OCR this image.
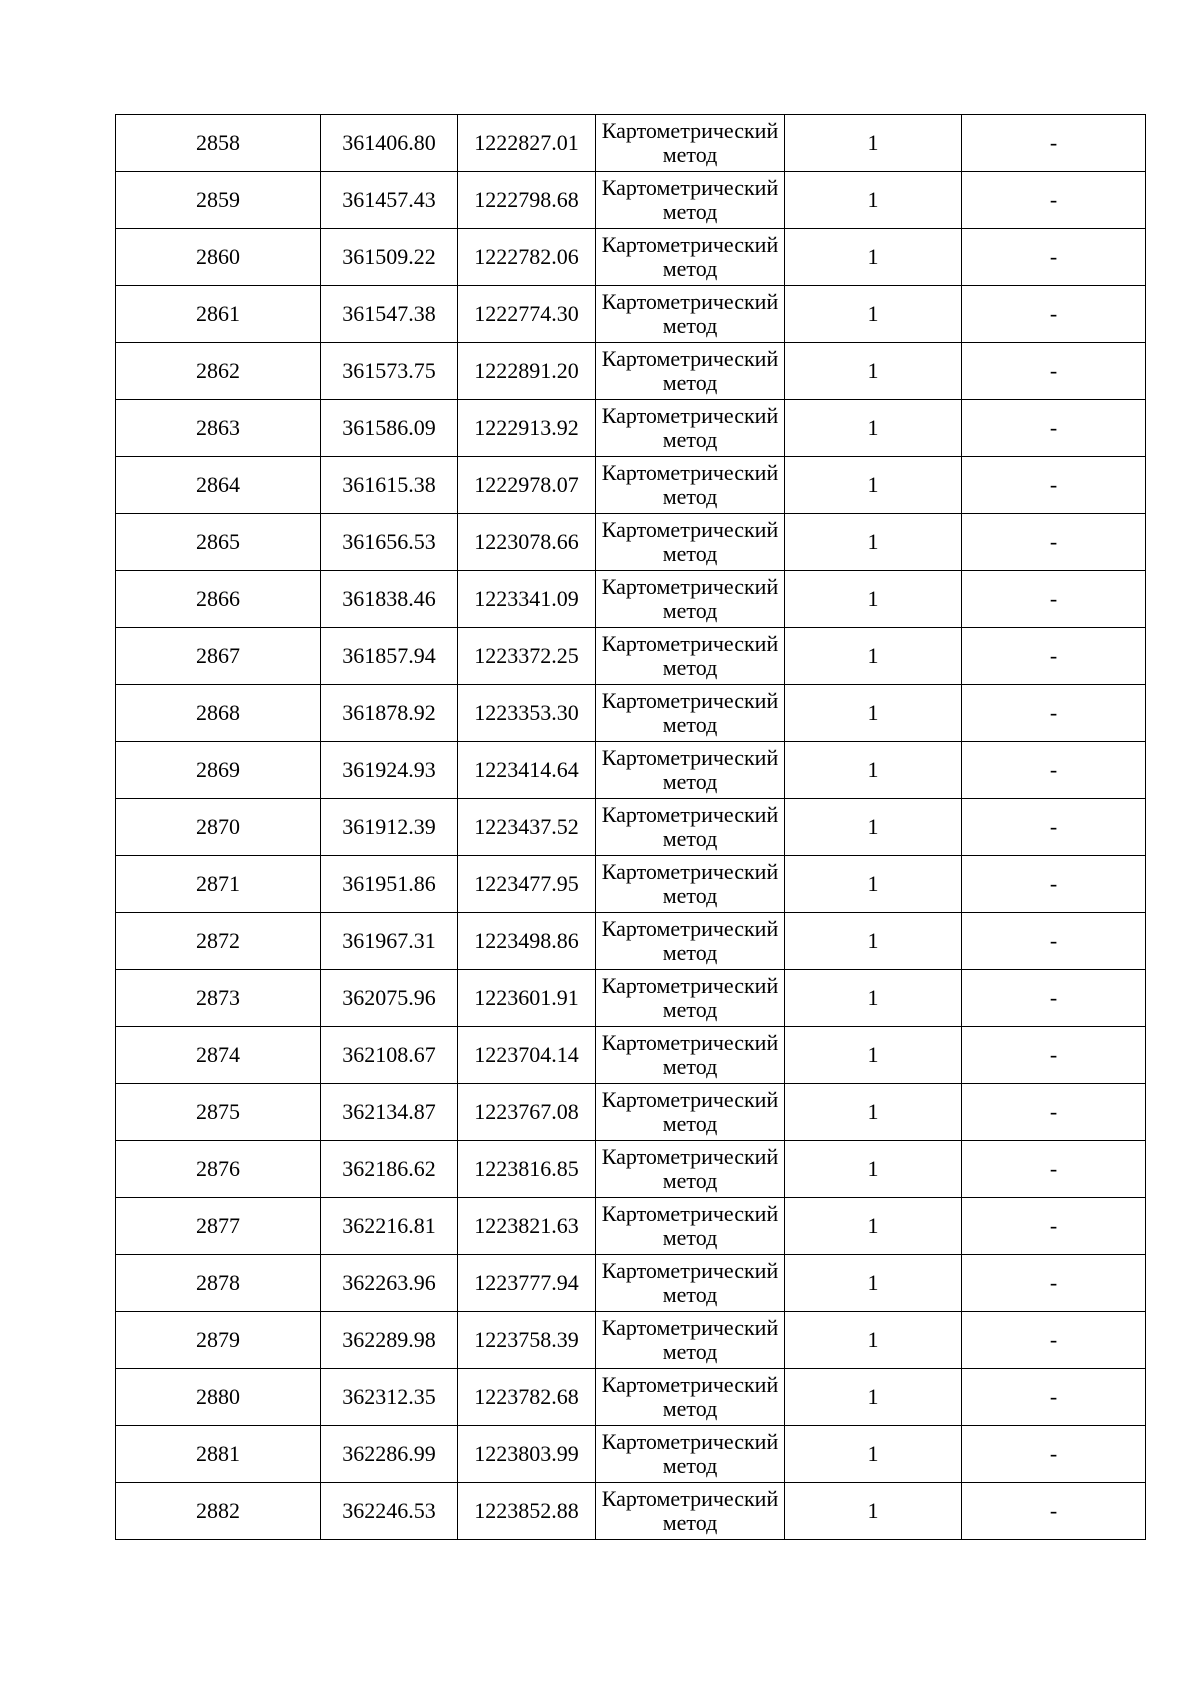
2858	361406.80	1222827.01	Картометрический метод	1	-
2859	361457.43	1222798.68	Картометрический метод	1	-
2860	361509.22	1222782.06	Картометрический метод	1	-
2861	361547.38	1222774.30	Картометрический метод	1	-
2862	361573.75	1222891.20	Картометрический метод	1	-
2863	361586.09	1222913.92	Картометрический метод	1	-
2864	361615.38	1222978.07	Картометрический метод	1	-
2865	361656.53	1223078.66	Картометрический метод	1	-
2866	361838.46	1223341.09	Картометрический метод	1	-
2867	361857.94	1223372.25	Картометрический метод	1	-
2868	361878.92	1223353.30	Картометрический метод	1	-
2869	361924.93	1223414.64	Картометрический метод	1	-
2870	361912.39	1223437.52	Картометрический метод	1	-
2871	361951.86	1223477.95	Картометрический метод	1	-
2872	361967.31	1223498.86	Картометрический метод	1	-
2873	362075.96	1223601.91	Картометрический метод	1	-
2874	362108.67	1223704.14	Картометрический метод	1	-
2875	362134.87	1223767.08	Картометрический метод	1	-
2876	362186.62	1223816.85	Картометрический метод	1	-
2877	362216.81	1223821.63	Картометрический метод	1	-
2878	362263.96	1223777.94	Картометрический метод	1	-
2879	362289.98	1223758.39	Картометрический метод	1	-
2880	362312.35	1223782.68	Картометрический метод	1	-
2881	362286.99	1223803.99	Картометрический метод	1	-
2882	362246.53	1223852.88	Картометрический метод	1	-
